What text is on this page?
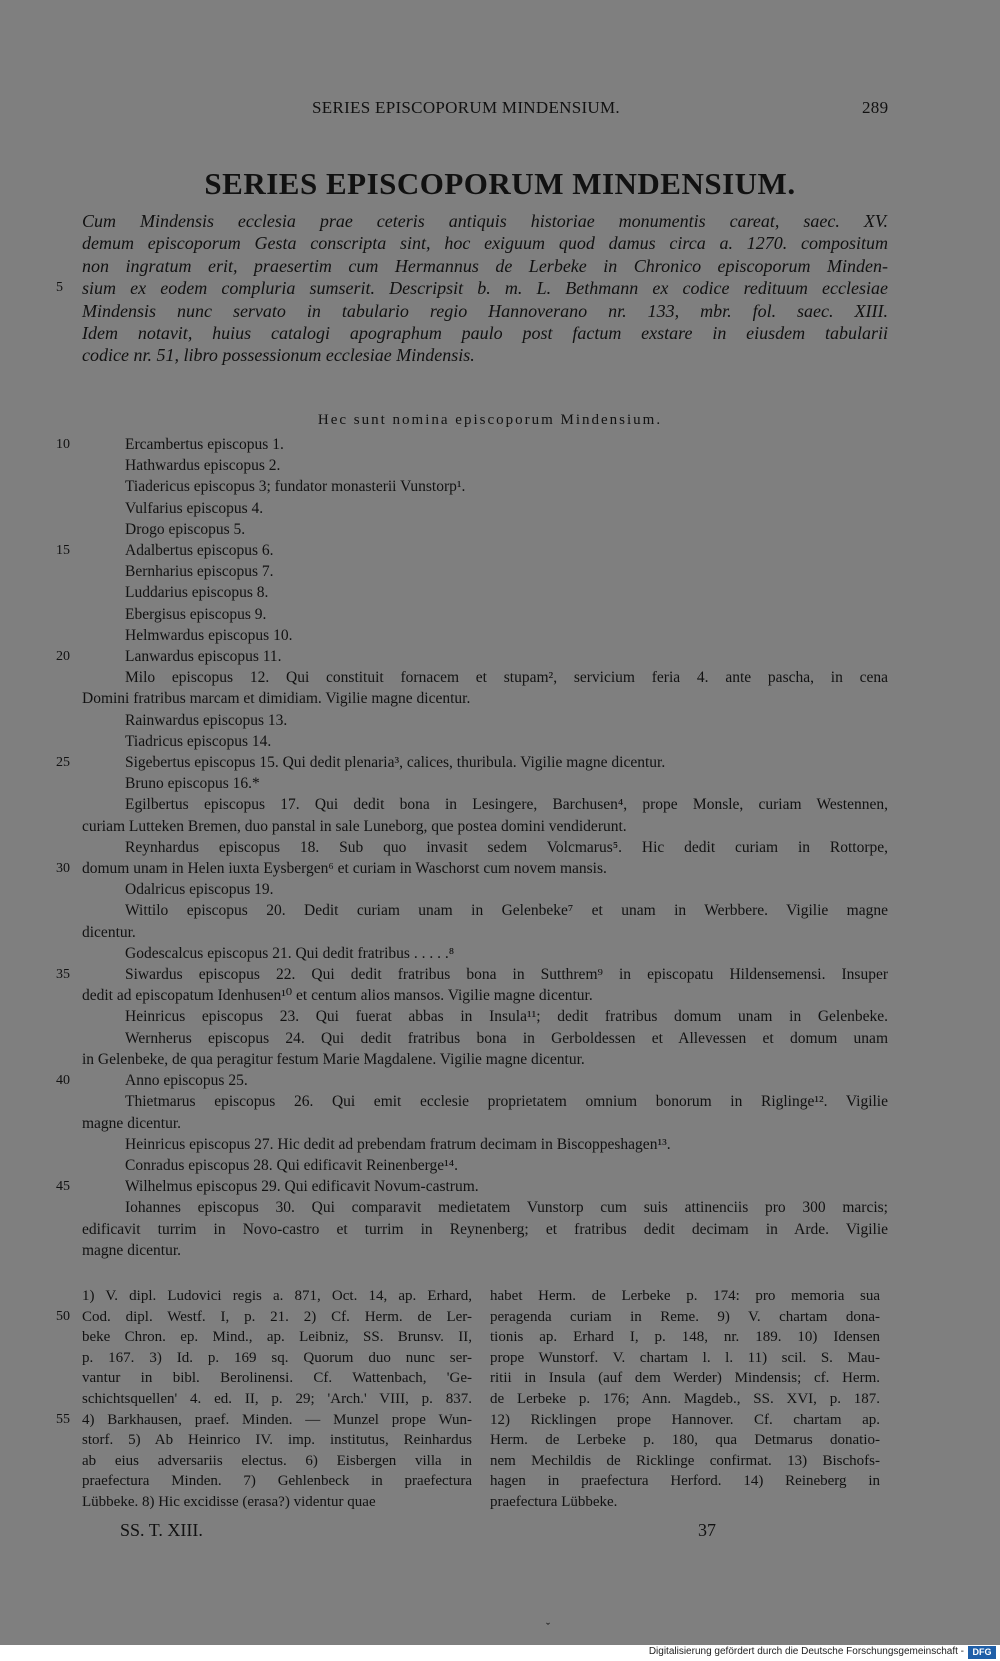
SERIES EPISCOPORUM MINDENSIUM.	289
SERIES EPISCOPORUM MINDENSIUM.
Cum Mindensis ecclesia prae ceteris antiquis historiae monumentis careat, saec. XV.
demum episcoporum Gesta conscripta sint, hoc exiguum quod damus circa a. 1270. compositum
non ingratum erit, praesertim cum Hermannus de Lerbeke in Chronico episcoporum Minden-
sium ex eodem compluria sumserit. Descripsit b. m. L. Bethmann ex codice redituum ecclesiae
Mindensis nunc servato in tabulario regio Hannoverano nr. 133, mbr. fol. saec. XIII.
Idem notavit, huius catalogi apographum paulo post factum exstare in eiusdem tabularii
codice nr. 51, libro possessionum ecclesiae Mindensis.
5
Hec sunt nomina episcoporum Mindensium.
Ercambertus episcopus 1.
10
Hathwardus episcopus 2.
Tiadericus episcopus 3; fundator monasterii Vunstorp¹.
Vulfarius episcopus 4.
Drogo episcopus 5.
Adalbertus episcopus 6.
15
Bernharius episcopus 7.
Luddarius episcopus 8.
Ebergisus episcopus 9.
Helmwardus episcopus 10.
Lanwardus episcopus 11.
20
Milo episcopus 12. Qui constituit fornacem et stupam², servicium feria 4. ante pascha, in cena
Domini fratribus marcam et dimidiam. Vigilie magne dicentur.
Rainwardus episcopus 13.
Tiadricus episcopus 14.
Sigebertus episcopus 15. Qui dedit plenaria³, calices, thuribula. Vigilie magne dicentur.
25
Bruno episcopus 16.*
Egilbertus episcopus 17. Qui dedit bona in Lesingere, Barchusen⁴, prope Monsle, curiam Westennen,
curiam Lutteken Bremen, duo panstal in sale Luneborg, que postea domini vendiderunt.
Reynhardus episcopus 18. Sub quo invasit sedem Volcmarus⁵. Hic dedit curiam in Rottorpe,
domum unam in Helen iuxta Eysbergen⁶ et curiam in Waschorst cum novem mansis.
30
Odalricus episcopus 19.
Wittilo episcopus 20. Dedit curiam unam in Gelenbeke⁷ et unam in Werbbere. Vigilie magne
dicentur.
Godescalcus episcopus 21. Qui dedit fratribus . . . . .⁸
Siwardus episcopus 22. Qui dedit fratribus bona in Sutthrem⁹ in episcopatu Hildensemensi. Insuper
35
dedit ad episcopatum Idenhusen¹⁰ et centum alios mansos. Vigilie magne dicentur.
Heinricus episcopus 23. Qui fuerat abbas in Insula¹¹; dedit fratribus domum unam in Gelenbeke.
Wernherus episcopus 24. Qui dedit fratribus bona in Gerboldessen et Allevessen et domum unam
in Gelenbeke, de qua peragitur festum Marie Magdalene. Vigilie magne dicentur.
Anno episcopus 25.
40
Thietmarus episcopus 26. Qui emit ecclesie proprietatem omnium bonorum in Riglinge¹². Vigilie
magne dicentur.
Heinricus episcopus 27. Hic dedit ad prebendam fratrum decimam in Biscoppeshagen¹³.
Conradus episcopus 28. Qui edificavit Reinenberge¹⁴.
Wilhelmus episcopus 29. Qui edificavit Novum-castrum.
45
Iohannes episcopus 30. Qui comparavit medietatem Vunstorp cum suis attinenciis pro 300 marcis;
edificavit turrim in Novo-castro et turrim in Reynenberg; et fratribus dedit decimam in Arde. Vigilie
magne dicentur.
1) V. dipl. Ludovici regis a. 871, Oct. 14, ap. Erhard,
Cod. dipl. Westf. I, p. 21. 2) Cf. Herm. de Ler-
50
beke Chron. ep. Mind., ap. Leibniz, SS. Brunsv. II,
p. 167. 3) Id. p. 169 sq. Quorum duo nunc ser-
vantur in bibl. Berolinensi. Cf. Wattenbach, 'Ge-
schichtsquellen' 4. ed. II, p. 29; 'Arch.' VIII, p. 837.
4) Barkhausen, praef. Minden. — Munzel prope Wun-
55
storf. 5) Ab Heinrico IV. imp. institutus, Reinhardus
ab eius adversariis electus. 6) Eisbergen villa in
praefectura Minden. 7) Gehlenbeck in praefectura
Lübbeke. 8) Hic excidisse (erasa?) videntur quae
habet Herm. de Lerbeke p. 174: pro memoria sua
peragenda curiam in Reme. 9) V. chartam dona-
tionis ap. Erhard I, p. 148, nr. 189. 10) Idensen
prope Wunstorf. V. chartam l. l. 11) scil. S. Mau-
ritii in Insula (auf dem Werder) Mindensis; cf. Herm.
de Lerbeke p. 176; Ann. Magdeb., SS. XVI, p. 187.
12) Ricklingen prope Hannover. Cf. chartam ap.
Herm. de Lerbeke p. 180, qua Detmarus donatio-
nem Mechildis de Ricklinge confirmat. 13) Bischofs-
hagen in praefectura Herford. 14) Reineberg in
praefectura Lübbeke.
SS. T. XIII.	37
ˇ
Digitalisierung gefördert durch die Deutsche Forschungsgemeinschaft - DFG
